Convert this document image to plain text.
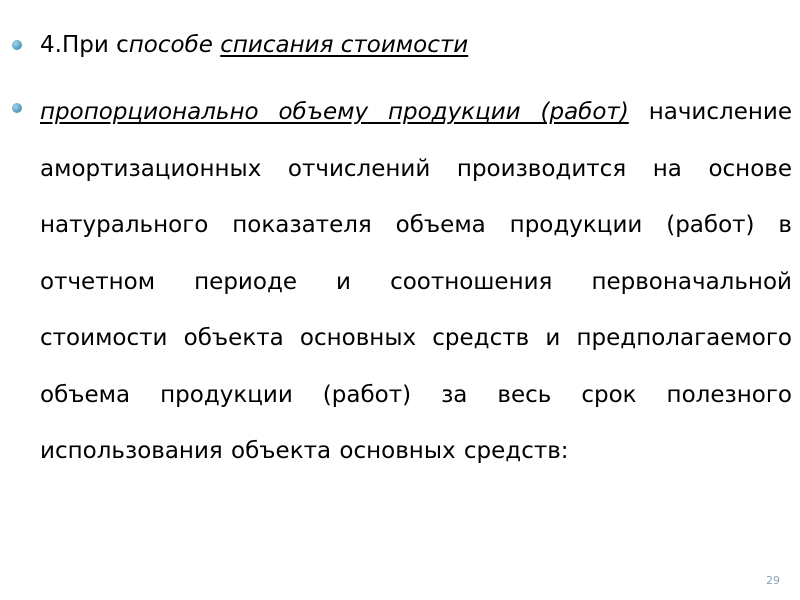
4.При способе списания стоимости
пропорционально объему продукции (работ) начисление амортизационных отчислений производится на основе натурального показателя объема продукции (работ) в отчетном периоде и соотношения первоначальной стоимости объекта основных средств и предполагаемого объема продукции (работ) за весь срок полезного использования объекта основных средств:
29
